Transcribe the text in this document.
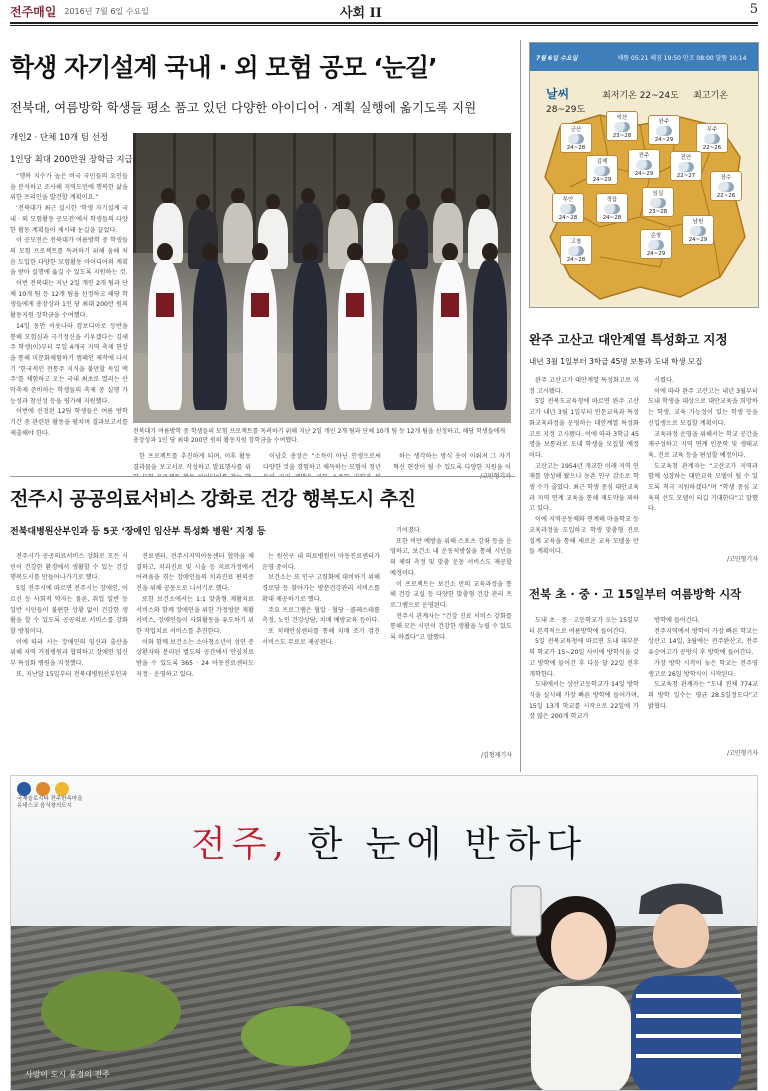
전주매일 2016년 7월 6일 수요일	사회 II	5
학생 자기설계 국내 · 외 모험 공모 ‘눈길’
전북대, 여름방학 학생들 평소 품고 있던 다양한 아이디어 · 계획 실행에 옮기도록 지원
개인2 · 단체 10개 팀 선정
1인당 최대 200만원 장학금 지급

“행복 지수가 높은 비국 국민들의 요인들을 분석하고 조사해 지역도민에 행복한 삶을 위한 프리인을 발견할 계획이요.”

‘전북대가 최근 실시한 ‘학생 자기설계 국내 · 외 모험활동 공모전’에서 학생들의 다양한 활동 계획들이 제시돼 눈길을 끌었다.

이 공모전은 전북대가 여름방학 중 학생들의 모험 프로젝트를 독려하기 위해 올해 처음 도입한 다양한 모험활동 아이디어와 계획을 받아 실행에 옮길 수 있도록 지원하는 것.

이번 전북대는 지난 2일 개인 2개 팀과 단체 10개 팀 등 12개 팀을 선정하고 해당 학생들에게 총장상과 1인 당 최대 200만 원의 활동지원 장학금을 수여했다.

14일 동안 이웃나라 캄보디아로 등반을 통해 모험심과 극기정신을 키우겠다는 김세주 학생(이)부터 무일 4개국 지역 축제 현장을 통해 미문화체험하기 캠페인 제작에 나서기 ‘한국적인 전통주 지식을 불만할 독일 맥주’를 체험하고 오는 국내 최초로 열리는 산악축제 준비하는 학생들의 축제 중 실행 가능성과 참신성 등을 평가해 지원했다.

이번에 선정된 12팀 학생들은 여름 방학 기간 중 관련된 활동을 펼치며 결과보고서를 제출해야 한다.	전북대가 여름방학 중 학생들의 모험 프로젝트를 독려하기 위해 지난 2일 개인 2개 팀과 단체 10개 팀 등 12개 팀을 선정하고, 해당 학생들에게 총장상과 1인 당 최대 200만 원의 활동지원 장학금을 수여했다.

한 프로젝트를 추진하게 되며, 이후 활동 결과물을 보고서로 작성하고 발표행사를 위

이남호 총장은 “소득이 아닌 인생으로써 다양한 것을 경험하고 체득하는 모험이 청년

하는 생각하는 방식 옷이 이뤄져 그 자기 혁신 현장이 될 수 있도록 다양한 지원을 이

7월 6일 수요일	해뜸 05:21 해짐 19:50 만조 08:00 달뜸 10:14
날씨	최저기온 22~24도 최고기온 28~29도
군산
24~28
익산
23~28
완주
24~29
무주
22~26
김제
24~29
전주
24~29
진안
22~27	장수
22~26
부안
24~28
정읍
24~28
임실
23~28
고창
24~28
순창
24~29
남원
24~29
완주 고산고 대안계열 특성화고 지정
내년 3월 1일부터 3학급 45명 보통과 도내 학생 모집

완주 고산고가 대안계열 특성화고로 지정 고시됐다.

5일 전북도교육청에 따르면 완주 고산고가 내년 3월 1일부터 인문교육과 특성화교육과정을 운영하는 대안계열 특성화고로 지정 고시됐다. 이에 따라 3학급 45명을 보통과로 도내 학생을 모집할 예정이다.

고산고는 1954년 개교한 이래 지역 인재를 양성해 왔으나 농촌 인구 감소로 학생 수가 줄었다. 최근 학생 중심 대안교육과 지역 연계 교육을 통해 재도약을 꾀하고 있다.

이에 지역공동체와 연계해 마을학교 등 교육과정을 도입하고 학생 맞춤형 진로 설계 교육을 통해 새로운 교육 모델을 만들 계획이다.

시켰다.

이에 따라 완주 고산고는 내년 3월부터 도내 학생을 대상으로 대안교육을 희망하는 학생, 교육 가능성이 있는 학생 등을 신입생으로 모집할 계획이다.

교육과정 운영을 위해서는 학교 공간을 재구성하고 지역 연계 인문학 및 생태교육, 진로 교육 등을 편성할 예정이다.

도교육청 관계자는 “고산고가 지역과 함께 성장하는 대안교육 모델이 될 수 있도록 적극 지원하겠다”며 “학생 중심 교육의 선도 모델이 되길 기대한다”고 말했다.

/고민형기자
전북 초 · 중 · 고 15일부터 여름방학 시작

도내 초 · 중 · 고등학교가 오는 15일부터 본격적으로 여름방학에 들어간다.

5일 전북교육청에 따르면 도내 대부분의 학교가 15~20일 사이에 방학식을 갖고 방학에 들어간 후 다음 달 22일 전후 개학한다.

도내에서는 상산고등학교가 14일 방학식을 실시해 가장 빠른 방학에 들어가며, 15일 13개 학교를 시작으로 22일에 가장 많은 200개 학교가

방학에 들어간다.

전주지역에서 방학이 가장 빠른 학교는 상산고 14일, 3월에는 전주완산고, 전주유승여고가 공방식 후 방학에 들어간다.

가장 방학 시작이 늦은 학교는 전주영생고로 26일 방학식이 시작된다.

도교육청 관계자는 “도내 전체 774교의 방학 일수는 평균 28.5일정도다”고 밝혔다.

/고민형기자
전주시 공공의료서비스 강화로 건강 행복도시 추진
전북대병원산부인과 등 5곳 ‘장애인 임산부 특성화 병원’ 지정 등

전주시가 공공의료서비스 강화로 모든 시민이 건강한 환경에서 생활할 수 있는 건강 행복도시를 만들어나가기로 했다.

5일 전주시에 따르면 전주시는 장애인, 어르신 등 사회적 약자는 물론, 취업 일반 등 일반 시민들이 불편한 상황 없이 건강한 생활을 할 수 있도록 공공의료 서비스를 강화할 방침이다.

이에 따라 시는 장애인의 임신과 출산을 위해 지역 거점병원과 협력하고 장애인 임신부 특성화 병원을 지정했다.

또, 지난달 15일부터 전북대병원산부인과

진료센터, 전주시지역아동센터 협약을 체결하고, 치과진료 및 시술 등 치료가정에서 어려움을 겪는 장애인들의 치과진료 편의증진을 위해 공동으로 나서기로 했다.

또한 보건소에서는 1:1 맞춤형 재활치료서비스와 함께 장애인을 위한 가정방문 재활서비스, 장애인들이 사회활동을 유도하기 위한 작업치료 서비스를 추진한다.

이와 함께 보건소는 소아청소년이 성인 증상환자와 분리된 별도의 공간에서 안심치료 받을 수 있도록 365 · 24 아동진료센터도 지정 · 운영하고 있다.

는 원산구 내 의료병원이 아동진료센터가 운영 중이다.

보건소는 또 인구 고령화에 대비하기 위해 경로당 등 찾아가는 방문건강관리 서비스를 확대 제공하기로 했다.

주요 프로그램은 혈압 · 혈당 · 콜레스테롤 측정, 노인 건강상담, 치매 예방교육 등이다.

또 치매안심센터를 통해 치매 조기 검진 서비스도 무료로 제공된다.

기어졌다.

또한 비만 예방을 위해 스포츠 강좌 등을 운영하고, 보건소 내 운동처방실을 통해 시민들의 체력 측정 및 맞춤 운동 서비스도 제공할 예정이다.

이 프로젝트는 보건소 만의 교육과정을 통해 건강 교실 등 다양한 맞춤형 건강 관리 프로그램으로 운영된다.

전주시 관계자는 “건강 진료 서비스 강화를 통해 모든 시민이 건강한 생활을 누릴 수 있도록 하겠다”고 말했다.

/김형재기자

국제슬로시티 전주한옥마을
유네스코 음식창의도시
전주, 한 눈에 반하다
사랑이 도시 풍경의 전주
